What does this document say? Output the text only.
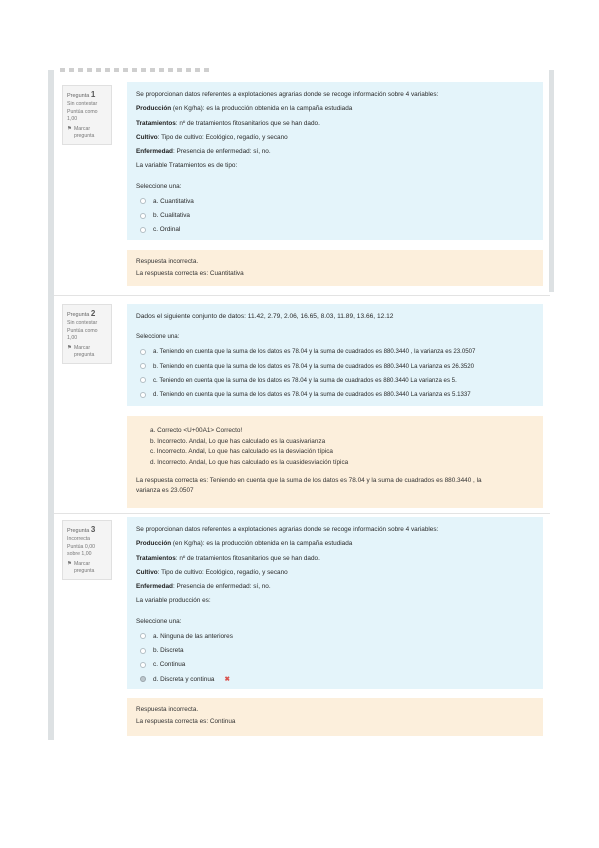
Pregunta 1
Sin contestar
Puntúa como 1,00
⚑ Marcar pregunta
Se proporcionan datos referentes a explotaciones agrarias donde se recoge información sobre 4 variables:
Producción (en Kg/ha): es la producción obtenida en la campaña estudiada
Tratamientos: nº de tratamientos fitosanitarios que se han dado.
Cultivo: Tipo de cultivo: Ecológico, regadío, y secano
Enfermedad: Presencia de enfermedad: sí, no.
La variable Tratamientos es de tipo:
Seleccione una:
a. Cuantitativa
b. Cualitativa
c. Ordinal
Respuesta incorrecta.
La respuesta correcta es: Cuantitativa
Pregunta 2
Sin contestar
Puntúa como 1,00
⚑ Marcar pregunta
Dados el siguiente conjunto de datos: 11.42, 2.79, 2.06, 16.65, 8.03, 11.89, 13.66, 12.12
Seleccione una:
a. Teniendo en cuenta que la suma de los datos es 78.04 y la suma de cuadrados es 880.3440 , la varianza es 23.0507
b. Teniendo en cuenta que la suma de los datos es 78.04 y la suma de cuadrados es 880.3440 La varianza es 26.3520
c. Teniendo en cuenta que la suma de los datos es 78.04 y la suma de cuadrados es 880.3440 La varianza es 5.
d. Teniendo en cuenta que la suma de los datos es 78.04 y la suma de cuadrados es 880.3440 La varianza es 5.1337
a. Correcto <U+00A1> Correcto!
b. Incorrecto. Andal, Lo que has calculado es la cuasivarianza
c. Incorrecto. Andal, Lo que has calculado es la desviación típica
d. Incorrecto. Andal, Lo que has calculado es la cuasidesviación típica
La respuesta correcta es: Teniendo en cuenta que la suma de los datos es 78.04 y la suma de cuadrados es 880.3440 , la
varianza es 23.0507
Pregunta 3
Incorrecta
Puntúa 0,00 sobre 1,00
⚑ Marcar pregunta
Se proporcionan datos referentes a explotaciones agrarias donde se recoge información sobre 4 variables:
Producción (en Kg/ha): es la producción obtenida en la campaña estudiada
Tratamientos: nº de tratamientos fitosanitarios que se han dado.
Cultivo: Tipo de cultivo: Ecológico, regadío, y secano
Enfermedad: Presencia de enfermedad: sí, no.
La variable producción es:
Seleccione una:
a. Ninguna de las anteriores
b. Discreta
c. Continua
d. Discreta y continua ✖
Respuesta incorrecta.
La respuesta correcta es: Continua
